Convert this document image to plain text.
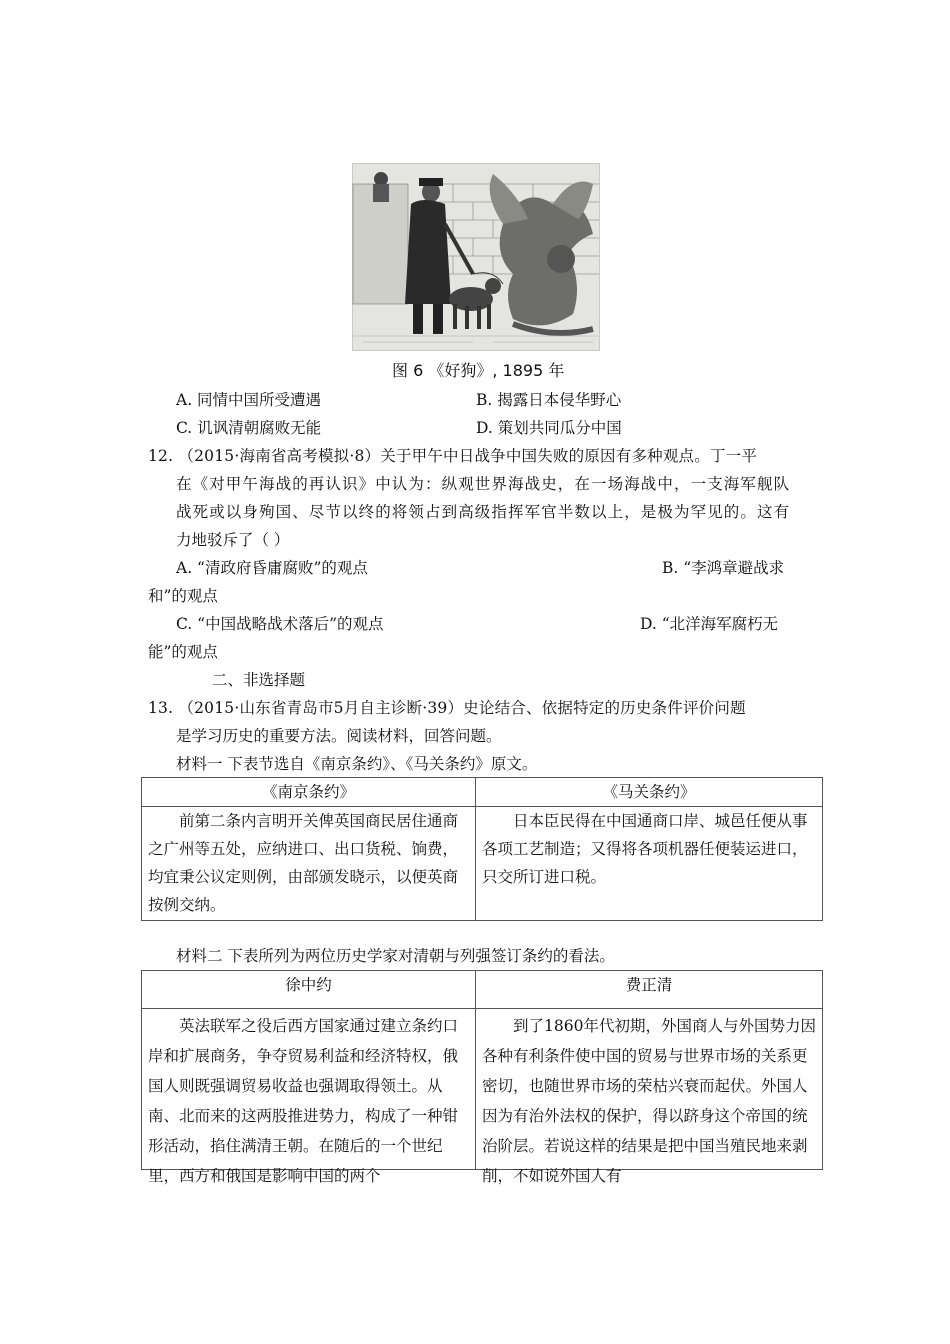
图 6 《好狗》, 1895 年
A. 同情中国所受遭遇	B. 揭露日本侵华野心
C. 讥讽清朝腐败无能	D. 策划共同瓜分中国
12. （2015·海南省高考模拟·8）关于甲午中日战争中国失败的原因有多种观点。丁一平
在《对甲午海战的再认识》中认为：纵观世界海战史，在一场海战中，一支海军舰队
战死或以身殉国、尽节以终的将领占到高级指挥军官半数以上，是极为罕见的。这有
力地驳斥了（ ）
A. “清政府昏庸腐败”的观点	B. “李鸿章避战求
和”的观点
C. “中国战略战术落后”的观点	D. “北洋海军腐朽无
能”的观点
二、非选择题
13. （2015·山东省青岛市5月自主诊断·39）史论结合、依据特定的历史条件评价问题
是学习历史的重要方法。阅读材料，回答问题。
材料一 下表节选自《南京条约》、《马关条约》原文。
《南京条约》	《马关条约》

前第二条内言明开关俾英国商民居住通商之广州等五处，应纳进口、出口货税、饷费，均宜秉公议定则例，由部颁发晓示，以便英商按例交纳。	日本臣民得在中国通商口岸、城邑任便从事各项工艺制造；又得将各项机器任便装运进口，只交所订进口税。
材料二 下表所列为两位历史学家对清朝与列强签订条约的看法。
徐中约	费正清

英法联军之役后西方国家通过建立条约口岸和扩展商务，争夺贸易利益和经济特权，俄国人则既强调贸易收益也强调取得领土。从南、北而来的这两股推进势力，构成了一种钳形活动，掐住满清王朝。在随后的一个世纪里，西方和俄国是影响中国的两个	到了1860年代初期，外国商人与外国势力因各种有利条件使中国的贸易与世界市场的关系更密切，也随世界市场的荣枯兴衰而起伏。外国人因为有治外法权的保护，得以跻身这个帝国的统治阶层。若说这样的结果是把中国当殖民地来剥削，不如说外国人有
